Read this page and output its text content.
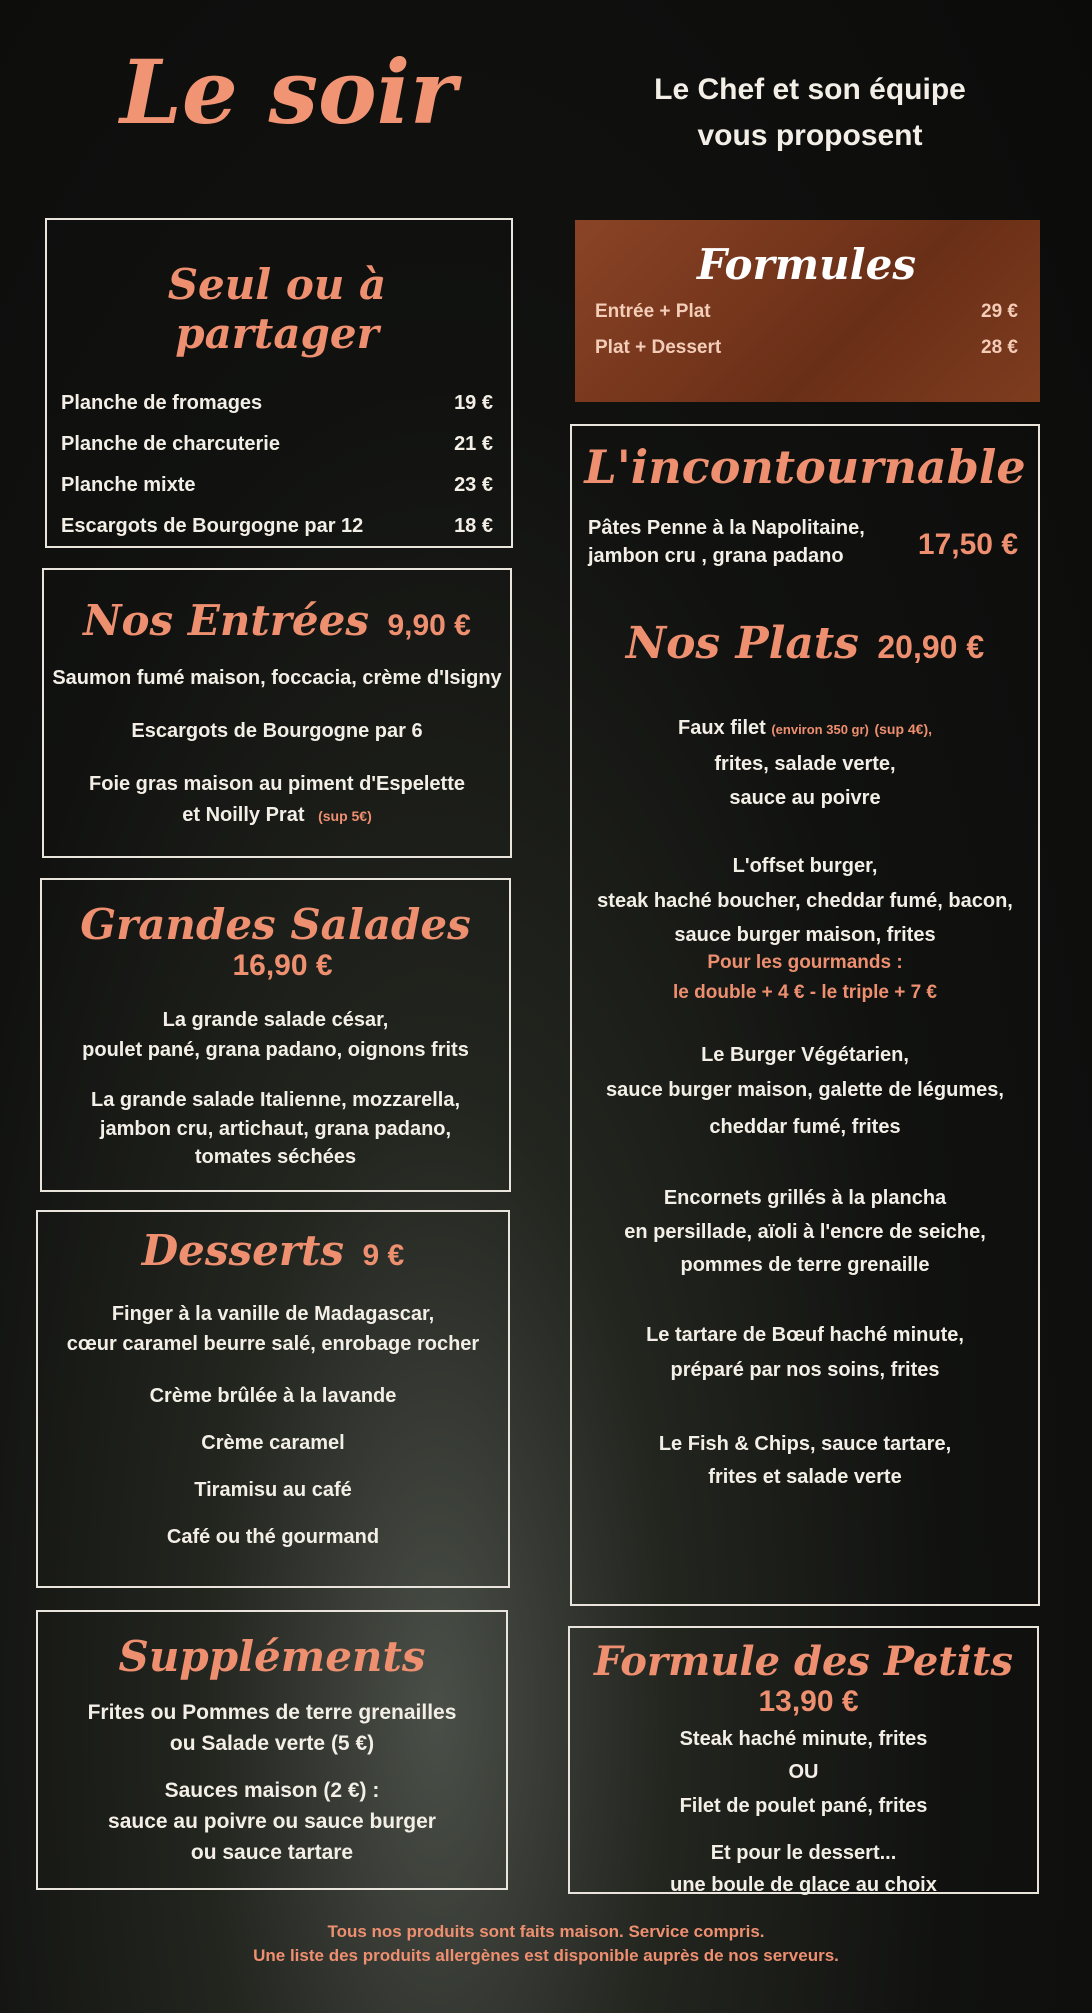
Le soir	Le Chef et son équipe
vous proposent
Seul ou à partager
Planche de fromages	19 €
Planche de charcuterie	21 €
Planche mixte	23 €
Escargots de Bourgogne par 12	18 €
Formules
Entrée + Plat	29 €
Plat + Dessert	28 €
Nos Entrées 9,90 €
Saumon fumé maison, foccacia, crème d'Isigny
Escargots de Bourgogne par 6
Foie gras maison au piment d'Espelette
et Noilly Prat (sup 5€)
L'incontournable
Pâtes Penne à la Napolitaine,
jambon cru , grana padano	17,50 €
Nos Plats 20,90 €
Faux filet (environ 350 gr) (sup 4€),
frites, salade verte,
sauce au poivre
L'offset burger,
steak haché boucher, cheddar fumé, bacon,
sauce burger maison, frites
Pour les gourmands :
le double + 4 € - le triple + 7 €
Le Burger Végétarien,
sauce burger maison, galette de légumes,
cheddar fumé, frites
Encornets grillés à la plancha
en persillade, aïoli à l'encre de seiche,
pommes de terre grenaille
Le tartare de Bœuf haché minute,
préparé par nos soins, frites
Le Fish & Chips, sauce tartare,
frites et salade verte
Grandes Salades 16,90 €
La grande salade césar,
poulet pané, grana padano, oignons frits
La grande salade Italienne, mozzarella,
jambon cru, artichaut, grana padano,
tomates séchées
Desserts 9 €
Finger à la vanille de Madagascar,
cœur caramel beurre salé, enrobage rocher
Crème brûlée à la lavande
Crème caramel
Tiramisu au café
Café ou thé gourmand
Suppléments
Frites ou Pommes de terre grenailles
ou Salade verte (5 €)
Sauces maison (2 €) :
sauce au poivre ou sauce burger
ou sauce tartare
Formule des Petits 13,90 €
Steak haché minute, frites
OU
Filet de poulet pané, frites
Et pour le dessert...
une boule de glace au choix
Tous nos produits sont faits maison. Service compris.
Une liste des produits allergènes est disponible auprès de nos serveurs.
